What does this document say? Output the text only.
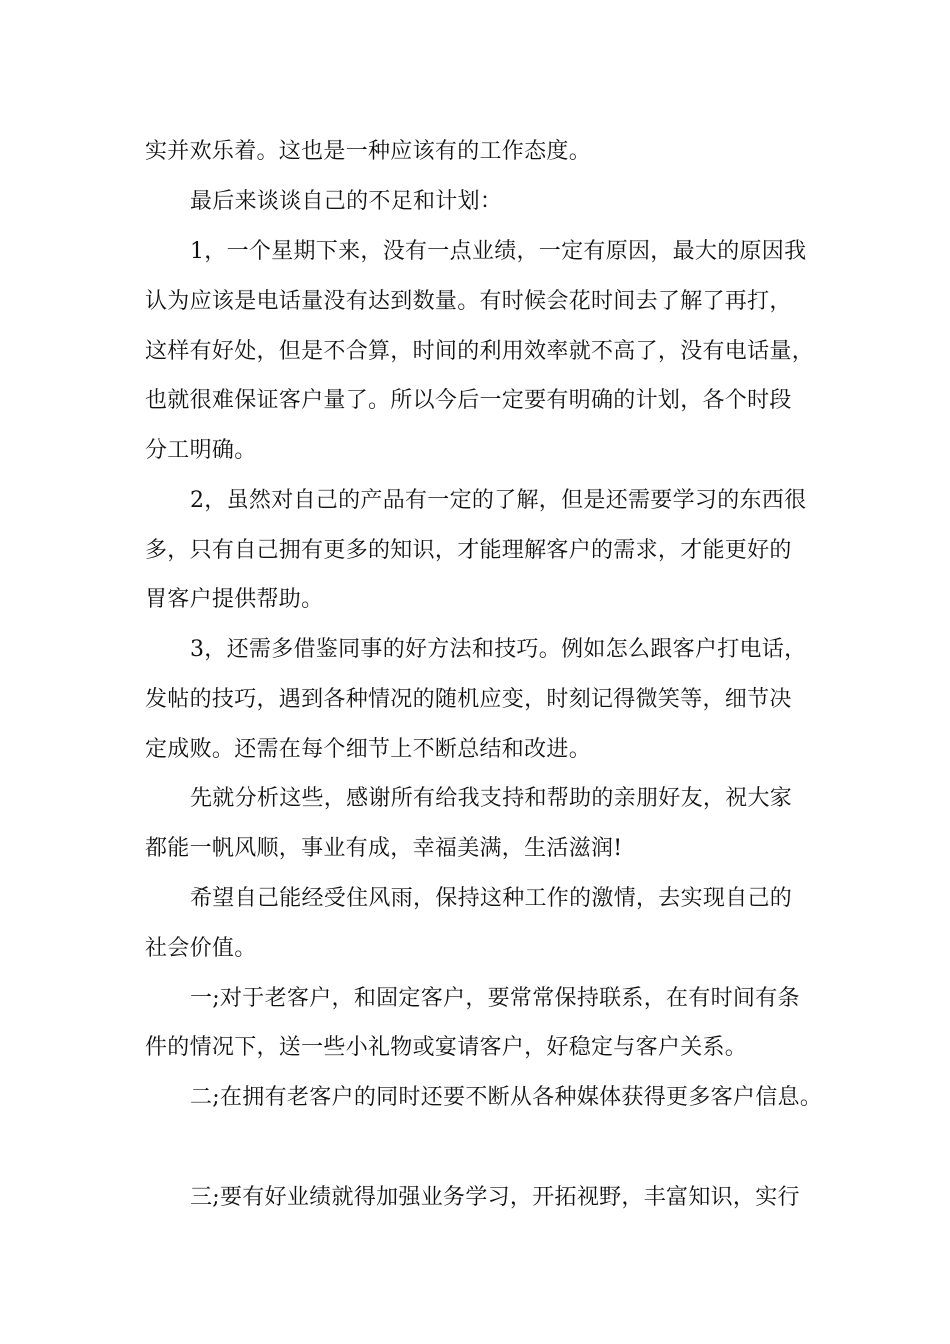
实并欢乐着。这也是一种应该有的工作态度。
最后来谈谈自己的不足和计划：
1，一个星期下来，没有一点业绩，一定有原因，最大的原因我
认为应该是电话量没有达到数量。有时候会花时间去了解了再打，
这样有好处，但是不合算，时间的利用效率就不高了，没有电话量，
也就很难保证客户量了。所以今后一定要有明确的计划，各个时段
分工明确。
2，虽然对自己的产品有一定的了解，但是还需要学习的东西很
多，只有自己拥有更多的知识，才能理解客户的需求，才能更好的
胃客户提供帮助。
3，还需多借鉴同事的好方法和技巧。例如怎么跟客户打电话，
发帖的技巧，遇到各种情况的随机应变，时刻记得微笑等，细节决
定成败。还需在每个细节上不断总结和改进。
先就分析这些，感谢所有给我支持和帮助的亲朋好友，祝大家
都能一帆风顺，事业有成，幸福美满，生活滋润!
希望自己能经受住风雨，保持这种工作的激情，去实现自己的
社会价值。
一;对于老客户，和固定客户，要常常保持联系，在有时间有条
件的情况下，送一些小礼物或宴请客户，好稳定与客户关系。
二;在拥有老客户的同时还要不断从各种媒体获得更多客户信息。
三;要有好业绩就得加强业务学习，开拓视野，丰富知识，实行
